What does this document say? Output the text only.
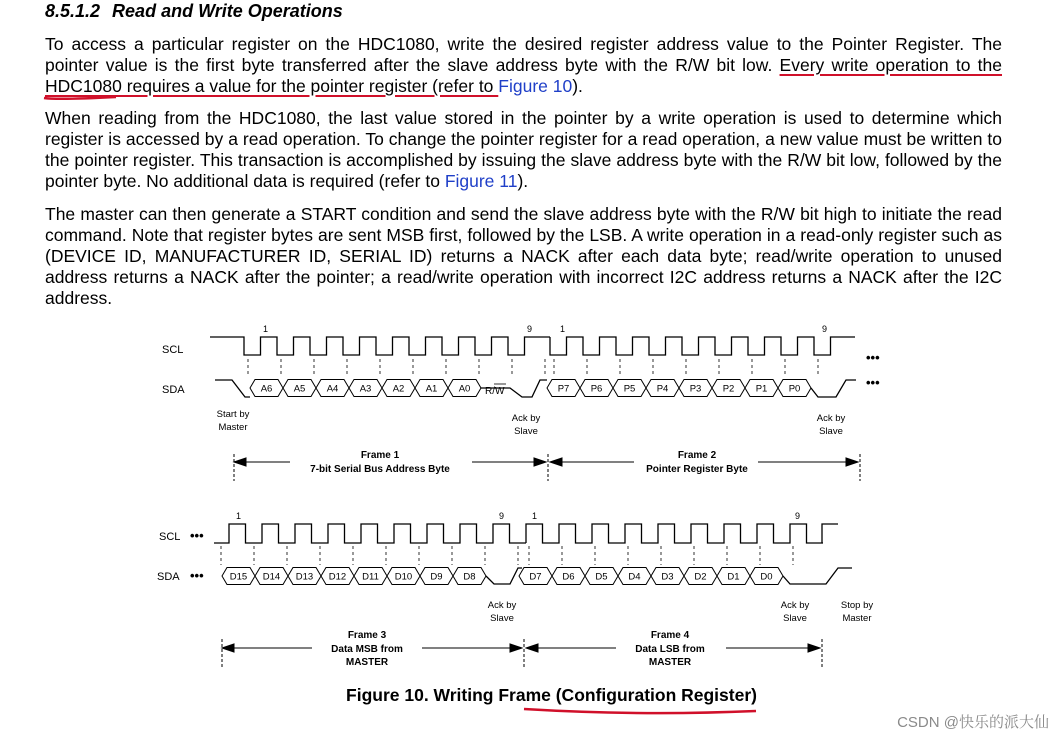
8.5.1.2 Read and Write Operations

To access a particular register on the HDC1080, write the desired register address value to the Pointer Register. The pointer value is the first byte transferred after the slave address byte with the R/W bit low. Every write operation to the HDC1080 requires a value for the pointer register (refer to Figure 10).

When reading from the HDC1080, the last value stored in the pointer by a write operation is used to determine which register is accessed by a read operation. To change the pointer register for a read operation, a new value must be written to the pointer register. This transaction is accomplished by issuing the slave address byte with the R/W bit low, followed by the pointer byte. No additional data is required (refer to Figure 11).

The master can then generate a START condition and send the slave address byte with the R/W bit high to initiate the read command. Note that register bytes are sent MSB first, followed by the LSB. A write operation in a read-only register such as (DEVICE ID, MANUFACTURER ID, SERIAL ID) returns a NACK after each data byte; read/write operation to unused address returns a NACK after the pointer; a read/write operation with incorrect I2C address returns a NACK after the I2C address.

SCL
SDA
•••
•••
1	9	1	9
A6 A5 A4 A3 A2 A1 A0	P7 P6 P5 P4 P3 P2 P1 P0
R/W
Start by
Master
Ack by
Slave
Ack by
Slave
Frame 1
7-bit Serial Bus Address Byte
Frame 2
Pointer Register Byte
SCL •••
SDA •••
1	9	1	9
D15 D14 D13 D12 D11 D10 D9 D8	D7 D6 D5 D4 D3 D2 D1 D0
Ack by
Slave
Ack by
Slave
Stop by
Master
Frame 3
Data MSB from
MASTER
Frame 4
Data LSB from
MASTER
Figure 10. Writing Frame (Configuration Register)
CSDN @快乐的派大仙
